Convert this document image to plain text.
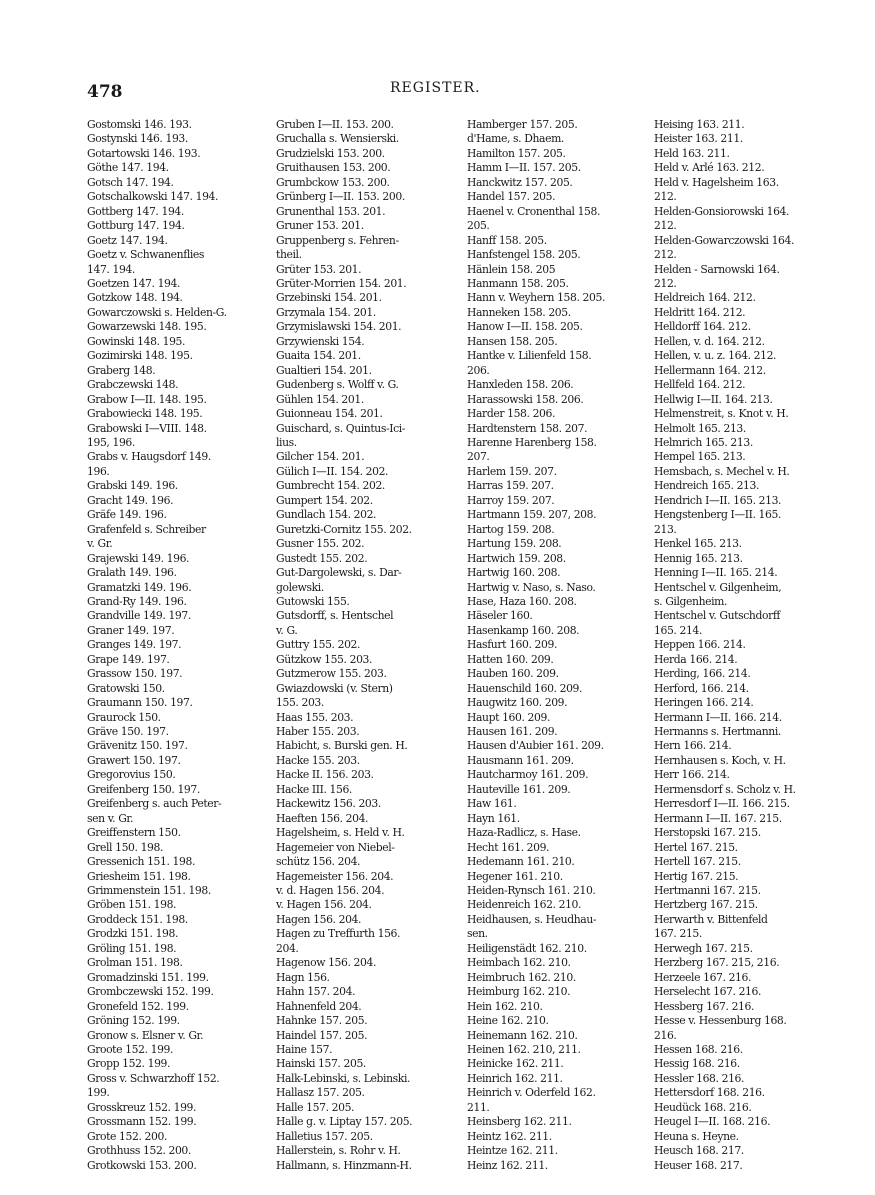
478	REGISTER.
Gostomski 146. 193.
Gostynski 146. 193.
Gotartowski 146. 193.
Göthe 147. 194.
Gotsch 147. 194.
Gotschalkowski 147. 194.
Gottberg 147. 194.
Gottburg 147. 194.
Goetz 147. 194.
Goetz v. Schwanenflies
147. 194.
Goetzen 147. 194.
Gotzkow 148. 194.
Gowarczowski s. Helden-G.
Gowarzewski 148. 195.
Gowinski 148. 195.
Gozimirski 148. 195.
Graberg 148.
Grabczewski 148.
Grabow I—II. 148. 195.
Grabowiecki 148. 195.
Grabowski I—VIII. 148.
195, 196.
Grabs v. Haugsdorf 149.
196.
Grabski 149. 196.
Gracht 149. 196.
Gräfe 149. 196.
Grafenfeld s. Schreiber
v. Gr.
Grajewski 149. 196.
Gralath 149. 196.
Gramatzki 149. 196.
Grand-Ry 149. 196.
Grandville 149. 197.
Graner 149. 197.
Granges 149. 197.
Grape 149. 197.
Grassow 150. 197.
Gratowski 150.
Graumann 150. 197.
Graurock 150.
Gräve 150. 197.
Grävenitz 150. 197.
Grawert 150. 197.
Gregorovius 150.
Greifenberg 150. 197.
Greifenberg s. auch Peter-
sen v. Gr.
Greiffenstern 150.
Grell 150. 198.
Gressenich 151. 198.
Griesheim 151. 198.
Grimmenstein 151. 198.
Gröben 151. 198.
Groddeck 151. 198.
Grodzki 151. 198.
Gröling 151. 198.
Grolman 151. 198.
Gromadzinski 151. 199.
Grombczewski 152. 199.
Gronefeld 152. 199.
Gröning 152. 199.
Gronow s. Elsner v. Gr.
Groote 152. 199.
Gropp 152. 199.
Gross v. Schwarzhoff 152.
199.
Grosskreuz 152. 199.
Grossmann 152. 199.
Grote 152. 200.
Grothhuss 152. 200.
Grotkowski 153. 200.
Gruben I—II. 153. 200.
Gruchalla s. Wensierski.
Grudzielski 153. 200.
Gruithausen 153. 200.
Grumbckow 153. 200.
Grünberg I—II. 153. 200.
Grunenthal 153. 201.
Gruner 153. 201.
Gruppenberg s. Fehren-
theil.
Grüter 153. 201.
Grüter-Morrien 154. 201.
Grzebinski 154. 201.
Grzymala 154. 201.
Grzymislawski 154. 201.
Grzywienski 154.
Guaita 154. 201.
Gualtieri 154. 201.
Gudenberg s. Wolff v. G.
Gühlen 154. 201.
Guionneau 154. 201.
Guischard, s. Quintus-Ici-
lius.
Gilcher 154. 201.
Gülich I—II. 154. 202.
Gumbrecht 154. 202.
Gumpert 154. 202.
Gundlach 154. 202.
Guretzki-Cornitz 155. 202.
Gusner 155. 202.
Gustedt 155. 202.
Gut-Dargolewski, s. Dar-
golewski.
Gutowski 155.
Gutsdorff, s. Hentschel
v. G.
Guttry 155. 202.
Gützkow 155. 203.
Gutzmerow 155. 203.
Gwiazdowski (v. Stern)
155. 203.
Haas 155. 203.
Haber 155. 203.
Habicht, s. Burski gen. H.
Hacke 155. 203.
Hacke II. 156. 203.
Hacke III. 156.
Hackewitz 156. 203.
Haeften 156. 204.
Hagelsheim, s. Held v. H.
Hagemeier von Niebel-
schütz 156. 204.
Hagemeister 156. 204.
v. d. Hagen 156. 204.
v. Hagen 156. 204.
Hagen 156. 204.
Hagen zu Treffurth 156.
204.
Hagenow 156. 204.
Hagn 156.
Hahn 157. 204.
Hahnenfeld 204.
Hahnke 157. 205.
Haindel 157. 205.
Haine 157.
Hainski 157. 205.
Halk-Lebinski, s. Lebinski.
Hallasz 157. 205.
Halle 157. 205.
Halle g. v. Liptay 157. 205.
Halletius 157. 205.
Hallerstein, s. Rohr v. H.
Hallmann, s. Hinzmann-H.
Hamberger 157. 205.
d'Hame, s. Dhaem.
Hamilton 157. 205.
Hamm I—II. 157. 205.
Hanckwitz 157. 205.
Handel 157. 205.
Haenel v. Cronenthal 158.
205.
Hanff 158. 205.
Hanfstengel 158. 205.
Hänlein 158. 205
Hanmann 158. 205.
Hann v. Weyhern 158. 205.
Hanneken 158. 205.
Hanow I—II. 158. 205.
Hansen 158. 205.
Hantke v. Lilienfeld 158.
206.
Hanxleden 158. 206.
Harassowski 158. 206.
Harder 158. 206.
Hardtenstern 158. 207.
Harenne Harenberg 158.
207.
Harlem 159. 207.
Harras 159. 207.
Harroy 159. 207.
Hartmann 159. 207, 208.
Hartog 159. 208.
Hartung 159. 208.
Hartwich 159. 208.
Hartwig 160. 208.
Hartwig v. Naso, s. Naso.
Hase, Haza 160. 208.
Häseler 160.
Hasenkamp 160. 208.
Hasfurt 160. 209.
Hatten 160. 209.
Hauben 160. 209.
Hauenschild 160. 209.
Haugwitz 160. 209.
Haupt 160. 209.
Hausen 161. 209.
Hausen d'Aubier 161. 209.
Hausmann 161. 209.
Hautcharmoy 161. 209.
Hauteville 161. 209.
Haw 161.
Hayn 161.
Haza-Radlicz, s. Hase.
Hecht 161. 209.
Hedemann 161. 210.
Hegener 161. 210.
Heiden-Rynsch 161. 210.
Heidenreich 162. 210.
Heidhausen, s. Heudhau-
sen.
Heiligenstädt 162. 210.
Heimbach 162. 210.
Heimbruch 162. 210.
Heimburg 162. 210.
Hein 162. 210.
Heine 162. 210.
Heinemann 162. 210.
Heinen 162. 210, 211.
Heinicke 162. 211.
Heinrich 162. 211.
Heinrich v. Oderfeld 162.
211.
Heinsberg 162. 211.
Heintz 162. 211.
Heintze 162. 211.
Heinz 162. 211.
Heising 163. 211.
Heister 163. 211.
Held 163. 211.
Held v. Arlé 163. 212.
Held v. Hagelsheim 163.
212.
Helden-Gonsiorowski 164.
212.
Helden-Gowarczowski 164.
212.
Helden - Sarnowski 164.
212.
Heldreich 164. 212.
Heldritt 164. 212.
Helldorff 164. 212.
Hellen, v. d. 164. 212.
Hellen, v. u. z. 164. 212.
Hellermann 164. 212.
Hellfeld 164. 212.
Hellwig I—II. 164. 213.
Helmenstreit, s. Knot v. H.
Helmolt 165. 213.
Helmrich 165. 213.
Hempel 165. 213.
Hemsbach, s. Mechel v. H.
Hendreich 165. 213.
Hendrich I—II. 165. 213.
Hengstenberg I—II. 165.
213.
Henkel 165. 213.
Hennig 165. 213.
Henning I—II. 165. 214.
Hentschel v. Gilgenheim,
s. Gilgenheim.
Hentschel v. Gutschdorff
165. 214.
Heppen 166. 214.
Herda 166. 214.
Herding, 166. 214.
Herford, 166. 214.
Heringen 166. 214.
Hermann I—II. 166. 214.
Hermanns s. Hertmanni.
Hern 166. 214.
Hernhausen s. Koch, v. H.
Herr 166. 214.
Hermensdorf s. Scholz v. H.
Herresdorf I—II. 166. 215.
Hermann I—II. 167. 215.
Herstopski 167. 215.
Hertel 167. 215.
Hertell 167. 215.
Hertig 167. 215.
Hertmanni 167. 215.
Hertzberg 167. 215.
Herwarth v. Bittenfeld
167. 215.
Herwegh 167. 215.
Herzberg 167. 215, 216.
Herzeele 167. 216.
Herselecht 167. 216.
Hessberg 167. 216.
Hesse v. Hessenburg 168.
216.
Hessen 168. 216.
Hessig 168. 216.
Hessler 168. 216.
Hettersdorf 168. 216.
Heudück 168. 216.
Heugel I—II. 168. 216.
Heuna s. Heyne.
Heusch 168. 217.
Heuser 168. 217.
